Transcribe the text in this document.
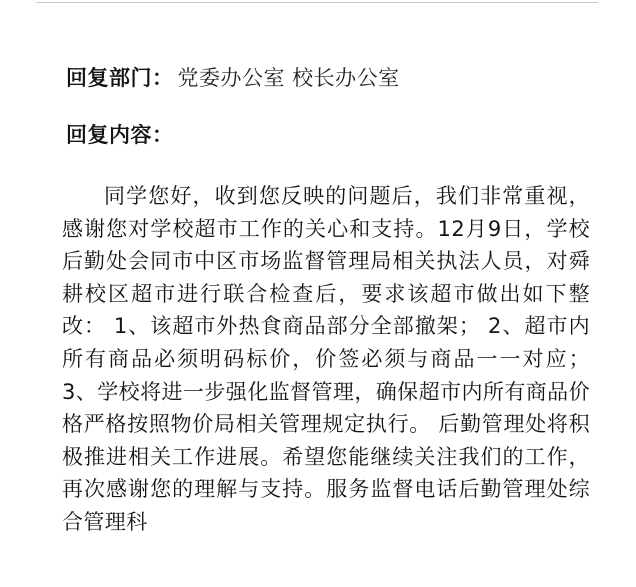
回复部门： 党委办公室 校长办公室
回复内容：

同学您好，收到您反映的问题后，我们非常重视，感谢您对学校超市工作的关心和支持。12月9日，学校后勤处会同市中区市场监督管理局相关执法人员，对舜耕校区超市进行联合检查后，要求该超市做出如下整改： 1、该超市外热食商品部分全部撤架； 2、超市内所有商品必须明码标价，价签必须与商品一一对应； 3、学校将进一步强化监督管理，确保超市内所有商品价格严格按照物价局相关管理规定执行。 后勤管理处将积极推进相关工作进展。希望您能继续关注我们的工作，再次感谢您的理解与支持。服务监督电话后勤管理处综合管理科
